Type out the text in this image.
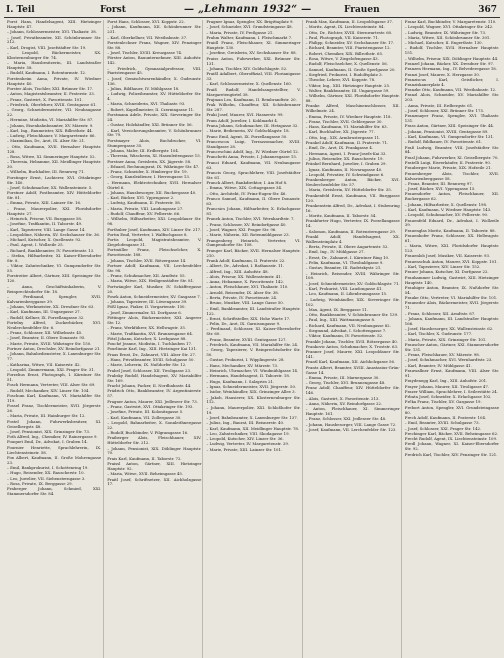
I. Teil	Forst	— „Lehmann 1932“ —	Frauen	367
Forst Hans, Handelsagent, XIII. Hietzinger Hauptstr. 47.
– Johann, Schlossermeister, XVI. Thaliastr. 38.
– Josef, Privatbeamter, XII. Schönbrunner Str. 212.
– Karl, Drogist, VIII. Josefstädter Str. 19.
– Leopold, Bäckermeister, XX. Klosterneuburger Str. 74.
– Maria, Hausbesitzerin, III. Landstraßer Hauptstr. 58.
– Rudolf, Kaufmann, I. Rotenturmstr. 12.
Forstenheim Anna, Private, IV. Wiedner Hauptstr. 40.
Forster Alois, Tischler, XXI. Brünner Str. 17.
– Anton, Magistratsbeamter, II. Praterstr. 33.
– Franz, Gastwirt, X. Favoritenstr. 101.
– Friedrich, Oberlehrer, XVIII. Gentzgasse 61.
– Georg, Schneidermeister, VII. Neubaugasse 22.
– Hermine, Modistin, VI. Mariahilfer Str. 87.
– Johann, Eisenbahnbeamter, XV. Märzstr. 9.
– Karl, Ing., Baumeister, XIX. Billrothstr. 44.
– Ludwig, Fleischhauer, V. Margaretenstr. 66.
– Maximilian, Dr., Arzt, IX. Alser Str. 21.
– Otto, Kaufmann, XVII. Hernalser Hauptstr. 128.
– Rosa, Witwe, XI. Simmeringer Hauptstr. 52.
– Theresia, Hebamme, XII. Meidlinger Hauptstr. 30.
– Wilhelm, Buchhalter, III. Rennweg 71.
Forstinger Ernst, Lackierer, XVI. Ottakringer Str. 140.
– Josef, Schuhmacher, XX. Wallensteinstr. 5.
Forstner Adolf, Postbeamter, XIV. Hütteldorfer Str. 81.
– Emma, Private, XIII. Lainzer Str. 16.
– Franz, Maurerpolier, XXI. Floridsdorfer Hauptstr. 27.
– Heinrich, Friseur, VII. Burggasse 58.
– Josefine, Trafikantin, II. Taborstr. 49.
– Karl, Tapezierer, VIII. Lange Gasse 14.
– Leopoldine, Näherin, XV. Sechshauser Str. 36.
– Michael, Kutscher, X. Quellenstr. 92.
– Paul, Agent, I. Wollzeile 25.
– Richard, Bankbeamter, IV. Favoritenstr. 13.
– Stefan, Hilfsarbeiter, XI. Kaiser-Ebersdorfer Str. 8.
– Viktor, Zahntechniker, VI. Gumpendorfer Str. 55.
Forstreiter Albert, Gärtner, XIII. Speisinger Str. 120.
– Anna, Geschäftsinhaberin, V. Reinprechtsdorfer Str. 18.
– Ferdinand, Spengler, XVII. Kalvarienberggasse 39.
– Johann, Werkmeister, XX. Dresdner Str. 63.
– Karl, Kaufmann, III. Ungargasse 27.
– Rudolf, Kellner, IX. Porzellangasse 32.
Fortelny Alfred, Zuckerbäcker, XVI. Neulerchenfelder Str. 6.
– Franz, Schlosser, XII. Wilhelmstr. 45.
– Josef, Beamter, II. Obere Donaustr. 95.
– Marie, Private, XVIII. Währinger Str. 150.
Fortner Anton, Drechsler, XV. Reindorfgasse 21.
– Johann, Bahnbediensteter, X. Laxenburger Str. 77.
– Katharina, Witwe, VII. Kaiserstr. 42.
– Leopold, Zimmermann, XXI. Prager Str. 31.
Forzelius Ernst, Photograph, I. Kärntner Str. 51.
Fosch Hermann, Vertreter, VIII. Alser Str. 69.
– Rudolf, Mechaniker, XIV. Linzer Str. 104.
Foschum Karl, Kaufmann, VI. Mariahilfer Str. 119.
Fossel Franz, Tischlermeister, XVII. Jörgerstr. 26.
– Maria, Private, III. Hainburger Str. 12.
Fostel Johann, Fuhrwerksbesitzer, XI. Geiselbergstr. 48.
– Josef, Pensionist, XIX. Grinzinger Str. 73.
Foth Alfred, Ing., Chemiker, IV. Rainergasse 9.
Fouquet Emil, Dr., Advokat, I. Graben 14.
Fournier Henriette, Sprachlehrerin, IX. Liechtensteinstr. 58.
Fox Albert, Kaufmann, II. Große Mohrengasse 23.
– Emil, Bankprokurist, I. Schottenring 19.
– Hugo, Reisender, XX. Rauscherstr. 10.
– Leo, Juwelier, VII. Siebensterngasse 3.
– Rosa, Private, IX. Berggasse 29.
Fraberger Johann, Schmied, XXI. Stammersdorfer Str. 84.
Forst Hans, Schlosser, XVI. Koppstr. 22.
– Johann, Kaufmann, XII. Schönbrunner Str. 231.
– Karl, Oberkellner, VII. Westbahnstr. 37.
Forstenlechner Franz, Wagner, XIV. Penzinger Str. 88.
– Josef, Tischler, XVIII. Kreuzgasse 74.
Förster Anton, Bauunternehmer, XIII. Auhofstr. 142.
– Friedrich, Gymnasialprofessor, VIII. Piaristengasse 45.
– Josef, Gemischtwarenhändler, X. Gudrunstr. 136.
– Julius, Bildhauer, IV. Mühlgasse 18.
– Ludwig, Polizeibeamter, XV. Hütteldorfer Str. 4.
– Maria, Schneiderin, XVI. Thaliastr. 93.
– Robert, Kapellmeister, II. Czerningasse 11.
Forstmann Adele, Private, XIX. Sieveringer Str. 24.
– Gustav, Holzhändler, XXI. Brünner Str. 56.
– Karl, Versicherungsbeamter, V. Schönbrunner Str. 79.
Forstmayer Alois, Buchdrucker, VI. Stumpergasse 35.
– Johann, Maler, III. Erdbergstr. 104.
– Theresia, Wäscherin, XI. Hasenleitengasse 15.
Forstner Anna, Greislerin, XX. Jägerstr. 58.
– Eduard, Rechnungsrat, IX. Währinger Str. 47.
– Franz, Schneider, X. Himberger Str. 19.
– Georg, Kanzleidiener, I. Herrengasse 13.
– Hermann, Elektrotechniker, XVII. Hernalser Gürtel 6.
– Johann, Hausbesorger, XII. Ruckergasse 40.
– Karl, Bäcker, XVI. Yppengasse 2.
– Ludwig, Kaufmann, II. Praterstr. 58.
– Maria, Private, VIII. Laudongasse 27.
– Rudolf, Chauffeur, XV. Felberstr. 66.
– Wilhelm, Hilfsarbeiter, XXI. Leopoldauer Str. 98.
Forthuber Josef, Kaufmann, XIV. Linzer Str. 217.
Fortin Emil, Vertreter, I. Walfischgasse 8.
Fortis Leopold, Magistratsbeamter, V. Ziegelofengasse 31.
Fortmüller Franz, Fleischselcher, X. Favoritenstr. 188.
– Johann, Tischler, XVII. Rötzergasse 14.
Fortner Adolf, Kaufmann, VII. Lerchenfelder Str. 98.
– Franz, Schuhmacher, XII. Arndtstr. 55.
– Maria, Witwe, XIX. Heiligenstädter Str. 81.
Fortwängler Karl, Musiker, IV. Schäffergasse 20.
Fosek Anton, Schneidermeister, XV. Gasgasse 7.
– Johann, Tapezierer, III. Löwengasse 39.
Fößl Ignaz, Fiaker, II. Vorgartenstr. 150.
– Josef, Zimmermaler, XI. Dorfgasse 6.
Föttinger Alois, Bäckermeister, XXI. Angerer Str. 12.
– Franz, Werkführer, XX. Hellwagstr. 35.
– Marie, Trafikantin, XVI. Brunnengasse 64.
Fötzl Johann, Kutscher, X. Leebgasse 88.
Fouché Jeanne, Modistin, I. Tuchlauben 17.
Fourlinnie Karl, Ing., XIII. Hietzinger Kai 131.
Fraas Ernst, Dr., Zahnarzt, VIII. Alser Str. 27.
– Hans, Privatbeamter, XVIII. Schulgasse 50.
– Marie, Lehrerin, IX. Nußdorfer Str. 12.
Frabel Josef, Schlosser, XII. Tivoligasse 23.
Frabsky Rudolf, Handelsagent, XV. Mariahilfer Str. 169.
Fracht Johann, Packer, II. Nordbahnstr. 44.
Frädrich Otto, Bankbeamter, IV. Argentinierstr. 57.
Fragner Anton, Maurer, XXI. Jedleseer Str. 73.
– Franz, Gastwirt, XVI. Ottakringer Str. 193.
– Josefine, Private, III. Kolonitzgasse 5.
– Karl, Kaufmann, VII. Zollergasse 30.
– Leopold, Bahnarbeiter, X. Sonnleithnergasse 22.
– Rudolf, Buchbinder, V. Pilgramgasse 16.
Fraiberger Alois, Fleischhauer, XIV. Hütteldorfer Str. 212.
– Johann, Pensionist, XIX. Döblinger Hauptstr. 70.
Frais Karl, Kaufmann, II. Taborstr. 72.
Fraissl Anton, Gärtner, XIII. Hietzinger Hauptstr. 92.
– Maria, Witwe, XVII. Beheimgasse 45.
Fraitl Josef, Schriftsetzer, XII. Aichholzgasse 17.
Fragner Ignaz, Spengler, XX. Brigittaplatz 9.
– Josef, Schneider, XVI. Grundsteingasse 48.
– Maria, Private, IV. Preßgasse 21.
Frahm Walter, Kaufmann, I. Fleischmarkt 7.
Fraidl Franz, Fleischhauer, XI. Simmeringer Hauptstr. 130.
– Josefine, Greislerin, XV. Sechshauser Str. 88.
Fraiss Anton, Fuhrwerker, XXI. Brünner Str. 131.
– Johann, Tischler, XIV. Goldschlagstr. 52.
Fraißl Adalbert, Oberoffizial, VIII. Florianigasse 33.
– Karl, Schlossermeister, X. Quellenstr. 160.
Fraiß Rudolf, Handelsangestellter, V. Margaretengürtel 38.
Frajman Leo, Kaufmann, II. Rembrandtstr. 20.
Frak Wilhelm, Chauffeur, XII. Schönbrunner Str. 287.
Fraki Josef, Maurer, XVI. Hasnerstr. 99.
Fram Adolf, Juwelier, I. Kohlmarkt 4.
Frana Johann, Schuhmacher, III. Hetzgasse 32.
– Marie, Bedienerin, XV. Goldschlagstr. 18.
Franc Emil, Agent, IX. Porzellangasse 50.
Francescon Luigi, Terrazzomacher, XVIII. Staudgasse 28.
Franceschini Adolf, Ing., IV. Wiedner Gürtel 12.
Franchetti Anna, Private, I. Johannesgasse 15.
Franci Eduard, Kaufmann, VII. Neubaugasse 63.
Francis Georg, Sprachlehrer, VIII. Josefstädter Str. 61.
Franck Albert, Bankdirektor, I. Am Hof 8.
– Emma, Witwe, XIX. Cottagegasse 34.
– Otto, Architekt, IV. Prinz-Eugen-Str. 46.
Franco Samuel, Kaufmann, II. Obere Donaustr. 63.
Francsics Johann, Hilfsarbeiter, X. Erlachgasse 81.
Franek Anton, Tischler, XVI. Wernhardtstr. 7.
– Franz, Schlosser, XV. Reindorfgasse 40.
– Josef, Wagner, XXI. Prager Str. 96.
– Marie, Näherin, XII. Rotenmühlgasse 23.
Frangenberg Heinrich, Vertreter, VI. Gumpendorfer Str. 108.
Franger Karl, Bäcker, XVII. Hernalser Hauptstr. 210.
Frank Adolf, Kaufmann, II. Praterstr. 22.
– Albert, Dr., Advokat, I. Rathausstr. 11.
– Alfred, Ing., XIII. Auhofstr. 48.
– Alois, Friseur, XX. Wallensteinstr. 41.
– Anna, Hebamme, X. Favoritenstr. 142.
– Anton, Fleischhauer, XVI. Thaliastr. 110.
– Arnold, Reisender, IX. Alser Str. 38.
– Berta, Private, IV. Favoritenstr. 24.
– Bruno, Musiker, VIII. Lange Gasse 50.
– Emil, Bankbeamter, III. Landstraßer Hauptstr. 122.
– Ernst, Schriftsteller, XIX. Hohe Warte 17.
– Felix, Dr., Arzt, IX. Garnisongasse 9.
– Ferdinand, Schlosser, XI. Kaiser-Ebersdorfer Str. 60.
– Franz, Beamter, XVIII. Gentzgasse 127.
– Friedrich, Kaufmann, VII. Mariahilfer Str. 24.
– Georg, Tapezierer, V. Reinprechtsdorfer Str. 50.
– Gustav, Prokurist, I. Wipplingerstr. 28.
– Hans, Mechaniker, XV. Märzstr. 73.
– Heinrich, Uhrmacher, VI. Windmühlgasse 14.
– Hermann, Handelsagent, II. Taborstr. 18.
– Hugo, Kaufmann, I. Salzgries 21.
– Ignaz, Schneidermeister, XVII. Jörgerstr. 50.
– Isidor, Weinhändler, XIX. Grinzinger Allee 3.
– Jakob, Hausierer, XX. Klosterneuburger Str. 112.
– Johann, Maurerpolier, XXI. Schloßhofer Str. 19.
– Josef, Bahnbeamter, X. Laxenburger Str. 137.
– Julius, Ing., Baurat, III. Reisnerstr. 40.
– Karl, Kaufmann, XII. Meidlinger Hauptstr. 78.
– Leo, Zahntechniker, VIII. Skodagasse 19.
– Leopold, Kutscher, XIV. Linzer Str. 36.
– Ludwig, Vertreter, IV. Margaretenstr. 29.
– Marie, Private, XIII. Lainzer Str. 101.
Frank Max, Kaufmann, II. Leopoldsgasse 37.
– Moritz, Agent, IX. Liechtensteinstr. 84.
– Otto, Dr., Richter, XVIII. Sternwartestr. 60.
– Paul, Photograph, VII. Kaiserstr. 71.
– Philipp, Schneider, XV. Sechshauser Str. 17.
– Richard, Beamter, VIII. Piaristengasse 12.
– Robert, Chemiker, XIX. Billrothstr. 65.
– Rosa, Witwe, V. Ziegelofengasse 43.
– Rudolf, Fleischselcher, X. Quellenstr. 56.
– Samuel, Kaufmann, II. Große Sperlgasse 20.
– Siegfried, Prokurist, I. Rudolfsplatz 3.
– Theodor, Lehrer, XVI. Koppstr. 78.
– Viktor, Ing., XIII. Hietzinger Hauptstr. 25.
– Walter, Bankbeamter, III. Ungargasse 59.
– Wilhelm, Gärtner, XXI. Floridsdorfer Hauptstr. 88.
Franke Alfred, Maschinenschlosser, XII. Wilhelmstr. 24.
– Emma, Private, IV. Wiedner Hauptstr. 118.
– Franz, Tischler, XVII. Geblergasse 30.
– Hans, Kaufmann, VI. Mariahilfer Str. 63.
– Karl, Buchhalter, XX. Jägerstr. 77.
– Otto, Ing., XIX. Armbrustergasse 11.
Frankel Adolf, Kaufmann, II. Praterstr. 71.
– Emil, Dr., Arzt, IX. Frankgasse 4.
– Hermann, Agent, I. Franz-Josefs-Kai 33.
– Julius, Reisender, XX. Rauscherstr. 19.
Fränkel Bernhard, Juwelier, I. Graben 29.
– Ignaz, Kaufmann, II. Novaragasse 40.
– Leopold, Privatier, IV. Schwindgasse 6.
Frankenberger Anton, Bäcker, XVI. Neulerchenfelder Str. 57.
– Maria, Greislerin, XV. Hütteldorfer Str. 35.
Frankenfeld Ernst, Kaufmann, VII. Burggasse 120.
Frankenstein Alfred, Dr., Advokat, I. Stubenring 16.
– Moritz, Kaufmann, II. Taborstr. 54.
Frankfurter Hugo, Vertreter, IX. Porzellangasse 14.
– Salomon, Kaufmann, II. Rotensterngasse 29.
Frankl Adolf, Handelsagent, XX. Wallensteinplatz 4.
– Berta, Private, II. Obere Augartenstr. 52.
– Emil, Ing., IV. Mühlgasse 27.
– Ernst, Dr., Zahnarzt, I. Kärntner Ring 10.
– Felix, Kaufmann, VI. Theobaldgasse 9.
– Gustav, Beamter, III. Radetzkystr. 21.
– Heinrich, Reisender, XVIII. Währinger Str. 108.
– Josef, Schneidermeister, XV. Goldschlagstr. 71.
– Karl, Prokurist, VIII. Laudongasse 41.
– Leo, Kaufmann, II. Lilienbrunngasse 15.
– Ludwig, Weinhändler, XIX. Sieveringer Str. 102.
– Max, Agent, IX. Berggasse 11.
– Otto, Bankbeamter, V. Schönbrunner Str. 139.
– Paul, Ing., XIII. Wattmanngasse 8.
– Richard, Kaufmann, VII. Neubaugasse 82.
– Siegmund, Advokat, I. Schottengasse 7.
– Viktor, Kaufmann, IV. Favoritenstr. 52.
Frankle Johann, Tischler, XVII. Rötzergasse 40.
Frankovic Anton, Schuhmacher, X. Troststr. 63.
Franner Josef, Maurer, XXI. Leopoldauer Str. 141.
Frantl Karl, Kaufmann, XII. Aichholzgasse 56.
Frantz Albert, Beamter, XVIII. Anastasius-Grün-Gasse 14.
– Emma, Private, III. Marxergasse 30.
– Georg, Tischler, XVI. Brunnengasse 48.
Franz Adolf, Chauffeur, XIV. Hütteldorfer Str. 146.
– Alois, Gastwirt, X. Favoritenstr. 213.
– Anna, Näherin, XV. Reindorfgasse 22.
– Anton, Fleischhauer, XI. Simmeringer Hauptstr. 161.
– Franz, Schlosser, XXI. Jedleseer Str. 48.
– Johann, Hausbesorger, VIII. Lange Gasse 72.
– Josef, Kaufmann, VII. Lerchenfelder Str. 123.
Franz Karl, Buchbinder, V. Margaretenstr. 110.
– Leopold, Wagner, XVI. Ottakringer Str. 242.
– Ludwig, Beamter, IX. Währinger Str. 73.
– Maria, Witwe, XII. Schönbrunner Str. 301.
– Michael, Kutscher, II. Engerthstr. 130.
– Rudolf, Tischler, XVII. Hernalser Hauptstr. 151.
– Wilhelm, Friseur, XIX. Döblinger Hauptstr. 44.
Franzel Johann, Bäcker, XX. Dresdner Str. 97.
Franzen Hermann, Ing., IV. Belvederegasse 18.
Franzi Josef, Maurer, X. Herzgasse 30.
Franziscus Karl, Geistlicher, I. Franziskanerplatz 4.
Franzke Otto, Kaufmann, VII. Westbahnstr. 12.
Franzl Alois, Schneider, XV. Mariahilfer Str. 203.
– Anna, Private, III. Erdbergstr. 61.
– Josef, Schlosser, XXI. Brünner Str. 175.
Franzmayer Franz, Spengler, XVI. Thaliastr. 131.
Frass Anton, Gärtner, XIII. Speisinger Str. 44.
– Johann, Pensionist, XVIII. Gentzgasse 89.
– Karl, Kaufmann, VI. Gumpendorfer Str. 131.
– Rudolf, Bildhauer, IV. Favoritenstr. 61.
Fraß Ludwig, Beamter, VIII. Josefstädter Str. 84.
Frasl Johann, Fuhrwerker, XI. Geiselbergstr. 70.
Fratelli Luigi, Eisverkäufer, II. Praterstr. 90.
Frauberger Marie, Private, XIX. Hofzeile 21.
Frauenberger Alois, Tischler, XVII. Kalvarienberggasse 58.
– Franz, Beamter, III. Rennweg 97.
– Josef, Bäcker, XVI. Yppengasse 15.
Frauendorfer Anton, Fleischhauer, XII. Ruckergasse 62.
– Johann, Hilfsarbeiter, X. Quellenstr. 198.
– Karl, Kaufmann, V. Wiedner Hauptstr. 143.
– Leopold, Schuhmacher, XV. Felberstr. 90.
Frauenfeld Eduard, Dr., Advokat, I. Wollzeile 39.
Frauenglas Moritz, Kaufmann, II. Taborstr. 88.
Frauenhofer Franz, Schlosser, XX. Hellwagstr. 61.
– Maria, Witwe, XXI. Floridsdorfer Hauptstr. 123.
Frauenlob Josef, Musiker, VII. Kaiserstr. 93.
Frauenschuh Anton, Maurer, XVI. Koppstr. 101.
– Karl, Tapezierer, XIV. Linzer Str. 152.
Frauer Johann, Kutscher, XI. Dorfgasse 22.
Frauhammer Ludwig, Gastwirt, XIII. Hietzinger Hauptstr. 140.
Frauhiger Anton, Beamter, IX. Nußdorfer Str. 54.
Frauke Otto, Vertreter, VI. Mariahilfer Str. 101.
Frauneder Alois, Bäckermeister, XVII. Jörgerstr. 71.
– Franz, Schlosser, XII. Arndtstr. 87.
– Johann, Kaufmann, III. Landstraßer Hauptstr. 166.
– Josef, Hausbesorger, XX. Wallensteinstr. 62.
– Karl, Tischler, X. Gudrunstr. 177.
– Maria, Private, XIX. Grinzinger Str. 101.
Frauscher Anton, Gärtner, XXI. Stammersdorfer Str. 131.
– Franz, Fleischhauer, XV. Märzstr. 98.
– Josef, Schuhmacher, XVI. Wernhardtstr. 23.
– Karl, Beamter, IV. Mühlgasse 41.
Frauwallner Ernst, Kaufmann, VIII. Alser Str. 91.
Fraydenegg Karl, Ing., XIII. Auhofstr. 201.
Frayer Johann, Maurer, XII. Tivoligasse 47.
Frazer William, Sprachlehrer, I. Seilerstätte 24.
Frbata Josef, Schneider, X. Erlachgasse 102.
Frčka Franz, Tischler, XV. Gasgasse 19.
Frebort Anton, Spengler, XVI. Grundsteingasse 80.
Frech Adolf, Kaufmann, II. Praterstr. 104.
– Emil, Beamter, XVIII. Schulgasse 73.
– Josef, Schlosser, XXI. Prager Str. 142.
Frechinger Karl, Bäcker, XVII. Beheimgasse 62.
Frecht Rudolf, Agent, IX. Liechtensteinstr. 109.
Fredl Johann, Wagner, XI. Kaiser-Ebersdorfer Str. 92.
Fredrich Karl, Tischler, XIV. Penzinger Str. 121.
